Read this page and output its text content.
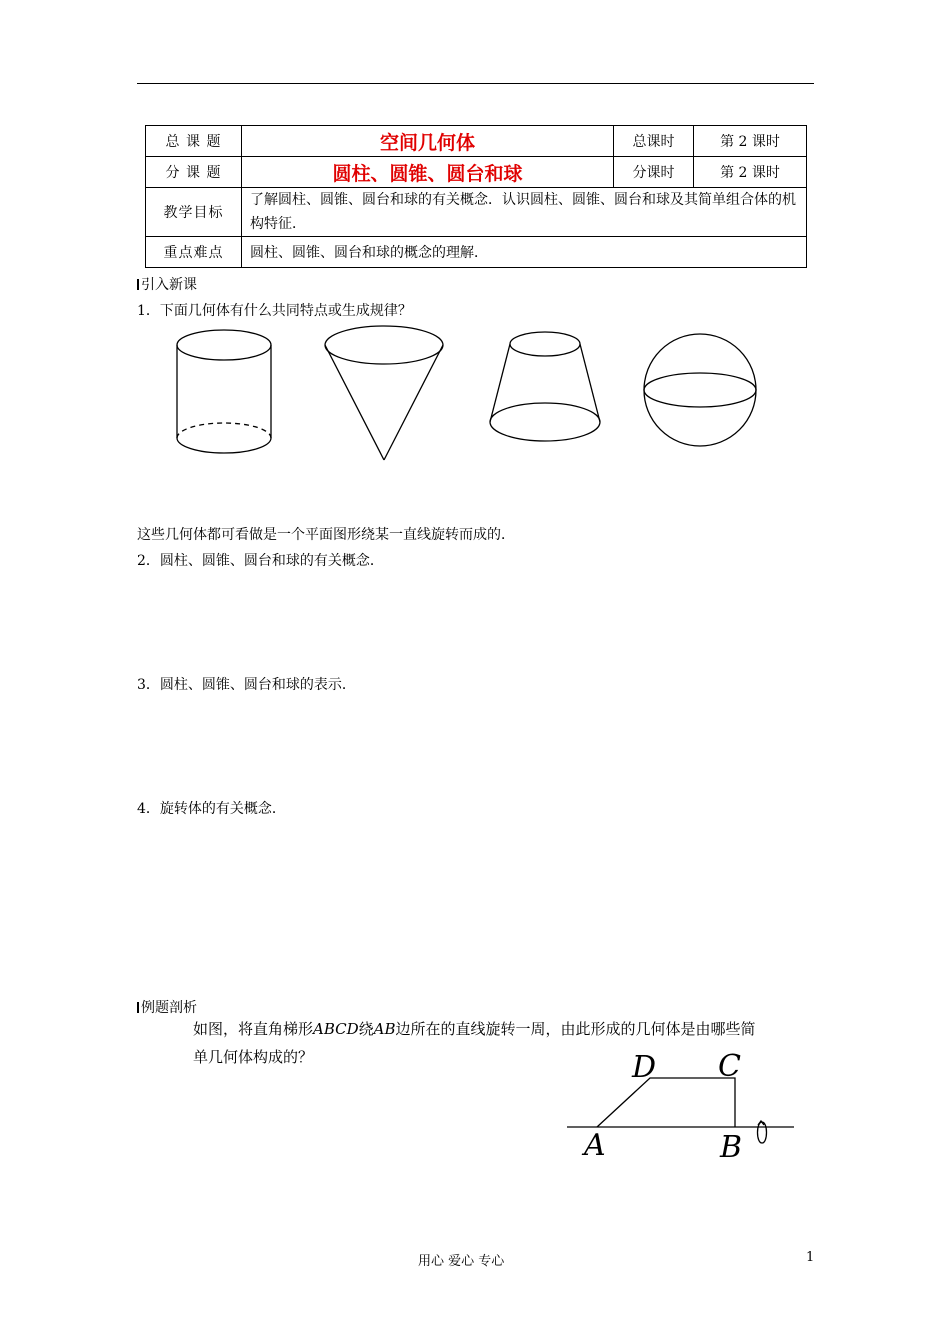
总 课 题	空间几何体	总课时	第 2 课时
分 课 题	圆柱、圆锥、圆台和球	分课时	第 2 课时
教学目标	了解圆柱、圆锥、圆台和球的有关概念．认识圆柱、圆锥、圆台和球及其简单组合体的机构特征．		
重点难点	圆柱、圆锥、圆台和球的概念的理解．		
引入新课
1．下面几何体有什么共同特点或生成规律？
这些几何体都可看做是一个平面图形绕某一直线旋转而成的．
2．圆柱、圆锥、圆台和球的有关概念．
3．圆柱、圆锥、圆台和球的表示．
4．旋转体的有关概念．
例题剖析
如图，将直角梯形ABCD绕AB边所在的直线旋转一周，由此形成的几何体是由哪些简
单几何体构成的？	D C
A	B
用心 爱心 专心	1
